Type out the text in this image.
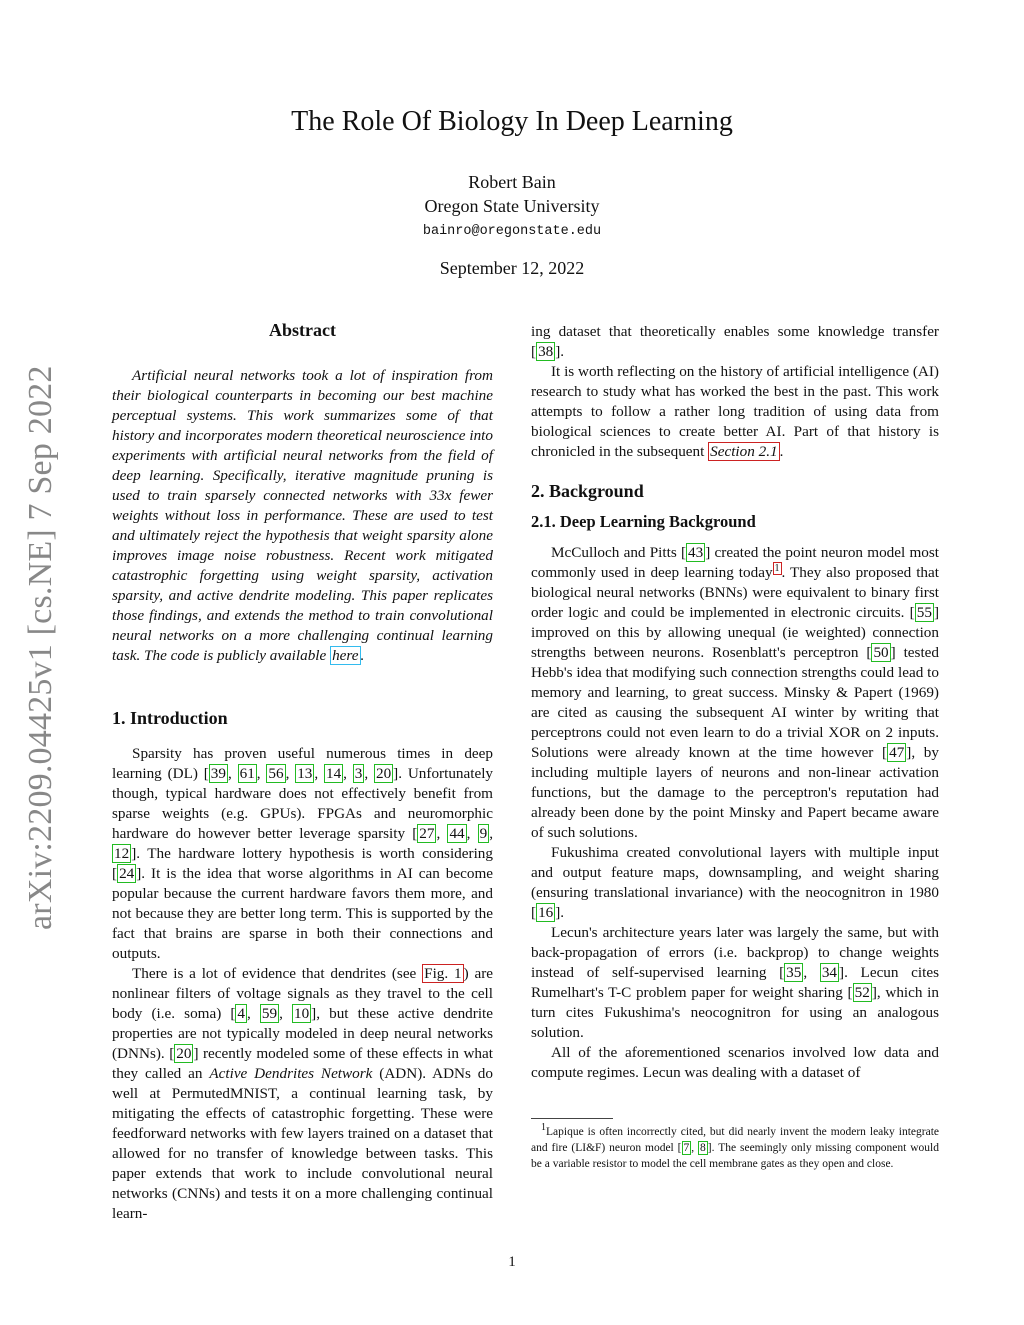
arXiv:2209.04425v1 [cs.NE] 7 Sep 2022
The Role Of Biology In Deep Learning
Robert Bain
Oregon State University
bainro@oregonstate.edu
September 12, 2022
Abstract

Artificial neural networks took a lot of inspiration from their biological counterparts in becoming our best machine perceptual systems. This work summarizes some of that history and incorporates modern theoretical neuroscience into experiments with artificial neural networks from the field of deep learning. Specifically, iterative magnitude pruning is used to train sparsely connected networks with 33x fewer weights without loss in performance. These are used to test and ultimately reject the hypothesis that weight sparsity alone improves image noise robustness. Recent work mitigated catastrophic forgetting using weight sparsity, activation sparsity, and active dendrite modeling. This paper replicates those findings, and extends the method to train convolutional neural networks on a more challenging continual learning task. The code is publicly available here .

1. Introduction

Sparsity has proven useful numerous times in deep learning (DL) [ 39 , 61 , 56 , 13 , 14 , 3 , 20 ]. Unfortunately though, typical hardware does not effectively benefit from sparse weights (e.g. GPUs). FPGAs and neuromorphic hardware do however better leverage sparsity [ 27 , 44 , 9 , 12 ]. The hardware lottery hypothesis is worth considering [ 24 ]. It is the idea that worse algorithms in AI can become popular because the current hardware favors them more, and not because they are better long term. This is supported by the fact that brains are sparse in both their connections and outputs.

There is a lot of evidence that dendrites (see Fig. 1 ) are nonlinear filters of voltage signals as they travel to the cell body (i.e. soma) [ 4 , 59 , 10 ], but these active dendrite properties are not typically modeled in deep neural networks (DNNs). [ 20 ] recently modeled some of these effects in what they called an Active Dendrites Network (ADN). ADNs do well at PermutedMNIST, a continual learning task, by mitigating the effects of catastrophic forgetting. These were feedforward networks with few layers trained on a dataset that allowed for no transfer of knowledge between tasks. This paper extends that work to include convolutional neural networks (CNNs) and tests it on a more challenging continual learn-

ing dataset that theoretically enables some knowledge transfer [ 38 ].

It is worth reflecting on the history of artificial intelligence (AI) research to study what has worked the best in the past. This work attempts to follow a rather long tradition of using data from biological sciences to create better AI. Part of that history is chronicled in the subsequent Section 2.1 .

2. Background
2.1. Deep Learning Background

McCulloch and Pitts [ 43 ] created the point neuron model most commonly used in deep learning today $^1$ . They also proposed that biological neural networks (BNNs) were equivalent to binary first order logic and could be implemented in electronic circuits. [ 55 ] improved on this by allowing unequal (ie weighted) connection strengths between neurons. Rosenblatt's perceptron [ 50 ] tested Hebb's idea that modifying such connection strengths could lead to memory and learning, to great success. Minsky & Papert (1969) are cited as causing the subsequent AI winter by writing that perceptrons could not even learn to do a trivial XOR on 2 inputs. Solutions were already known at the time however [ 47 ], by including multiple layers of neurons and non-linear activation functions, but the damage to the perceptron's reputation had already been done by the point Minsky and Papert became aware of such solutions.

Fukushima created convolutional layers with multiple input and output feature maps, downsampling, and weight sharing (ensuring translational invariance) with the neocognitron in 1980 [ 16 ].

Lecun's architecture years later was largely the same, but with back-propagation of errors (i.e. backprop) to change weights instead of self-supervised learning [ 35 , 34 ]. Lecun cites Rumelhart's T-C problem paper for weight sharing [ 52 ], which in turn cites Fukushima's neocognitron for using an analogous solution.

All of the aforementioned scenarios involved low data and compute regimes. Lecun was dealing with a dataset of

$^1$Lapique is often incorrectly cited, but did nearly invent the modern leaky integrate and fire (LI&F) neuron model [ 7 , 8 ]. The seemingly only missing component would be a variable resistor to model the cell membrane gates as they open and close.

1
